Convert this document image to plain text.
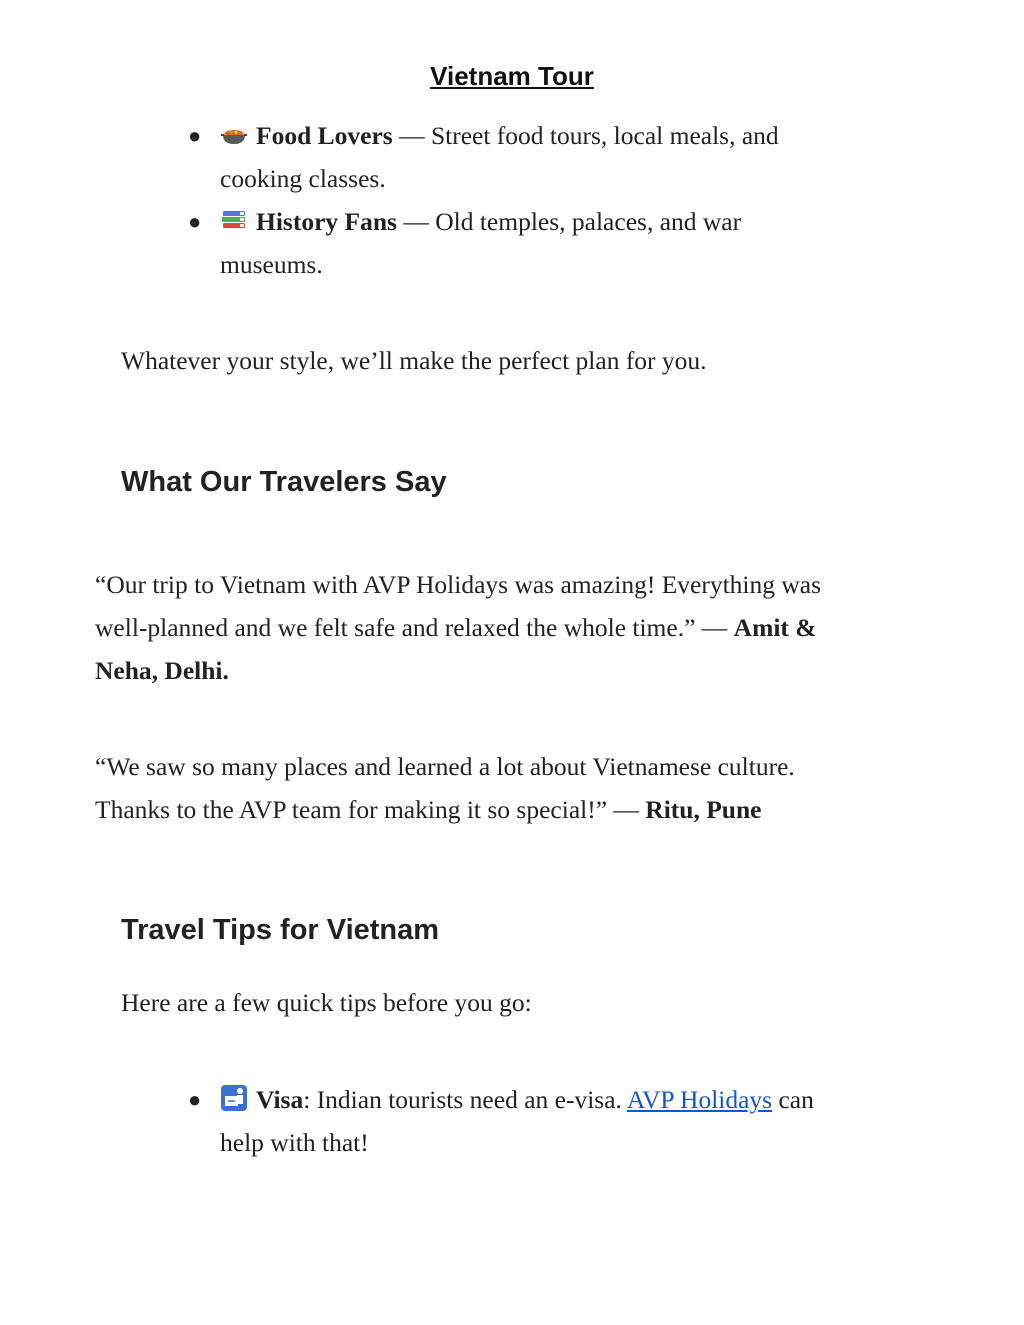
Vietnam Tour
●	Food Lovers — Street food tours, local meals, and
cooking classes.
●	History Fans — Old temples, palaces, and war
museums.
Whatever your style, we’ll make the perfect plan for you.
What Our Travelers Say
“Our trip to Vietnam with AVP Holidays was amazing! Everything was
well-planned and we felt safe and relaxed the whole time.” — Amit &
Neha, Delhi.
“We saw so many places and learned a lot about Vietnamese culture.
Thanks to the AVP team for making it so special!” — Ritu, Pune
Travel Tips for Vietnam
Here are a few quick tips before you go:
●	Visa: Indian tourists need an e-visa. AVP Holidays can
help with that!
